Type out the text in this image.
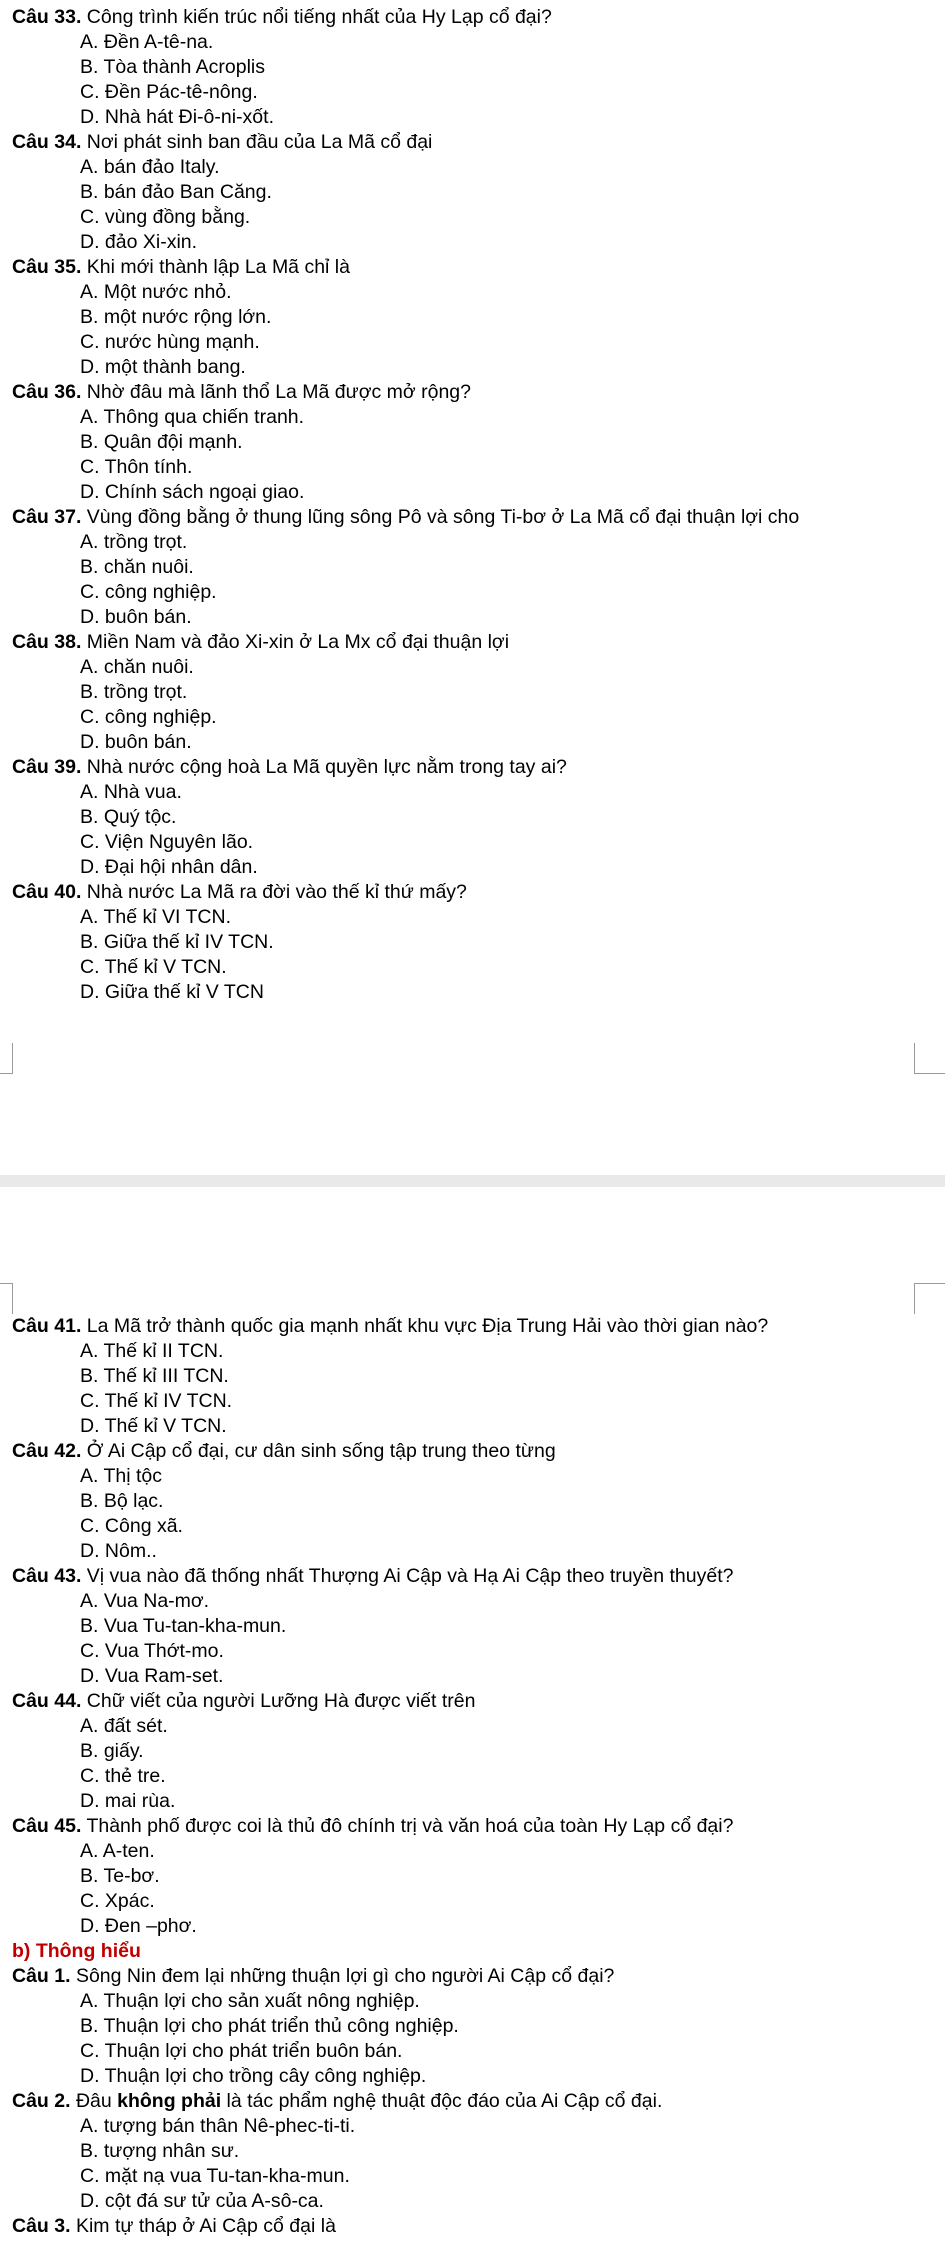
Câu 33. Công trình kiến trúc nổi tiếng nhất của Hy Lạp cổ đại?

A. Đền A-tê-na.

B. Tòa thành Acroplis

C. Đền Pác-tê-nông.

D. Nhà hát Đi-ô-ni-xốt.

Câu 34. Nơi phát sinh ban đầu của La Mã cổ đại

A. bán đảo Italy.

B. bán đảo Ban Căng.

C. vùng đồng bằng.

D. đảo Xi-xin.

Câu 35. Khi mới thành lập La Mã chỉ là

A. Một nước nhỏ.

B. một nước rộng lớn.

C. nước hùng mạnh.

D. một thành bang.

Câu 36. Nhờ đâu mà lãnh thổ La Mã được mở rộng?

A. Thông qua chiến tranh.

B. Quân đội mạnh.

C. Thôn tính.

D. Chính sách ngoại giao.

Câu 37. Vùng đồng bằng ở thung lũng sông Pô và sông Ti-bơ ở La Mã cổ đại thuận lợi cho

A. trồng trọt.

B. chăn nuôi.

C. công nghiệp.

D. buôn bán.

Câu 38. Miền Nam và đảo Xi-xin ở La Mx cổ đại thuận lợi

A. chăn nuôi.

B. trồng trọt.

C. công nghiệp.

D. buôn bán.

Câu 39. Nhà nước cộng hoà La Mã quyền lực nằm trong tay ai?

A. Nhà vua.

B. Quý tộc.

C. Viện Nguyên lão.

D. Đại hội nhân dân.

Câu 40. Nhà nước La Mã ra đời vào thế kỉ thứ mấy?

A. Thế kỉ VI TCN.

B. Giữa thế kỉ IV TCN.

C. Thế kỉ V TCN.

D. Giữa thế kỉ V TCN

Câu 41. La Mã trở thành quốc gia mạnh nhất khu vực Địa Trung Hải vào thời gian nào?

A. Thế kỉ II TCN.

B. Thế kỉ III TCN.

C. Thế kỉ IV TCN.

D. Thế kỉ V TCN.

Câu 42. Ở Ai Cập cổ đại, cư dân sinh sống tập trung theo từng

A. Thị tộc

B. Bộ lạc.

C. Công xã.

D. Nôm..

Câu 43. Vị vua nào đã thống nhất Thượng Ai Cập và Hạ Ai Cập theo truyền thuyết?

A. Vua Na-mơ.

B. Vua Tu-tan-kha-mun.

C. Vua Thớt-mo.

D. Vua Ram-set.

Câu 44. Chữ viết của người Lưỡng Hà được viết trên

A. đất sét.

B. giấy.

C. thẻ tre.

D. mai rùa.

Câu 45. Thành phố được coi là thủ đô chính trị và văn hoá của toàn Hy Lạp cổ đại?

A. A-ten.

B. Te-bơ.

C. Xpác.

D. Đen –phơ.

b) Thông hiểu

Câu 1. Sông Nin đem lại những thuận lợi gì cho người Ai Cập cổ đại?

A. Thuận lợi cho sản xuất nông nghiệp.

B. Thuận lợi cho phát triển thủ công nghiệp.

C. Thuận lợi cho phát triển buôn bán.

D. Thuận lợi cho trồng cây công nghiệp.

Câu 2. Đâu không phải là tác phẩm nghệ thuật độc đáo của Ai Cập cổ đại.

A. tượng bán thân Nê-phec-ti-ti.

B. tượng nhân sư.

C. mặt nạ vua Tu-tan-kha-mun.

D. cột đá sư tử của A-sô-ca.

Câu 3. Kim tự tháp ở Ai Cập cổ đại là
